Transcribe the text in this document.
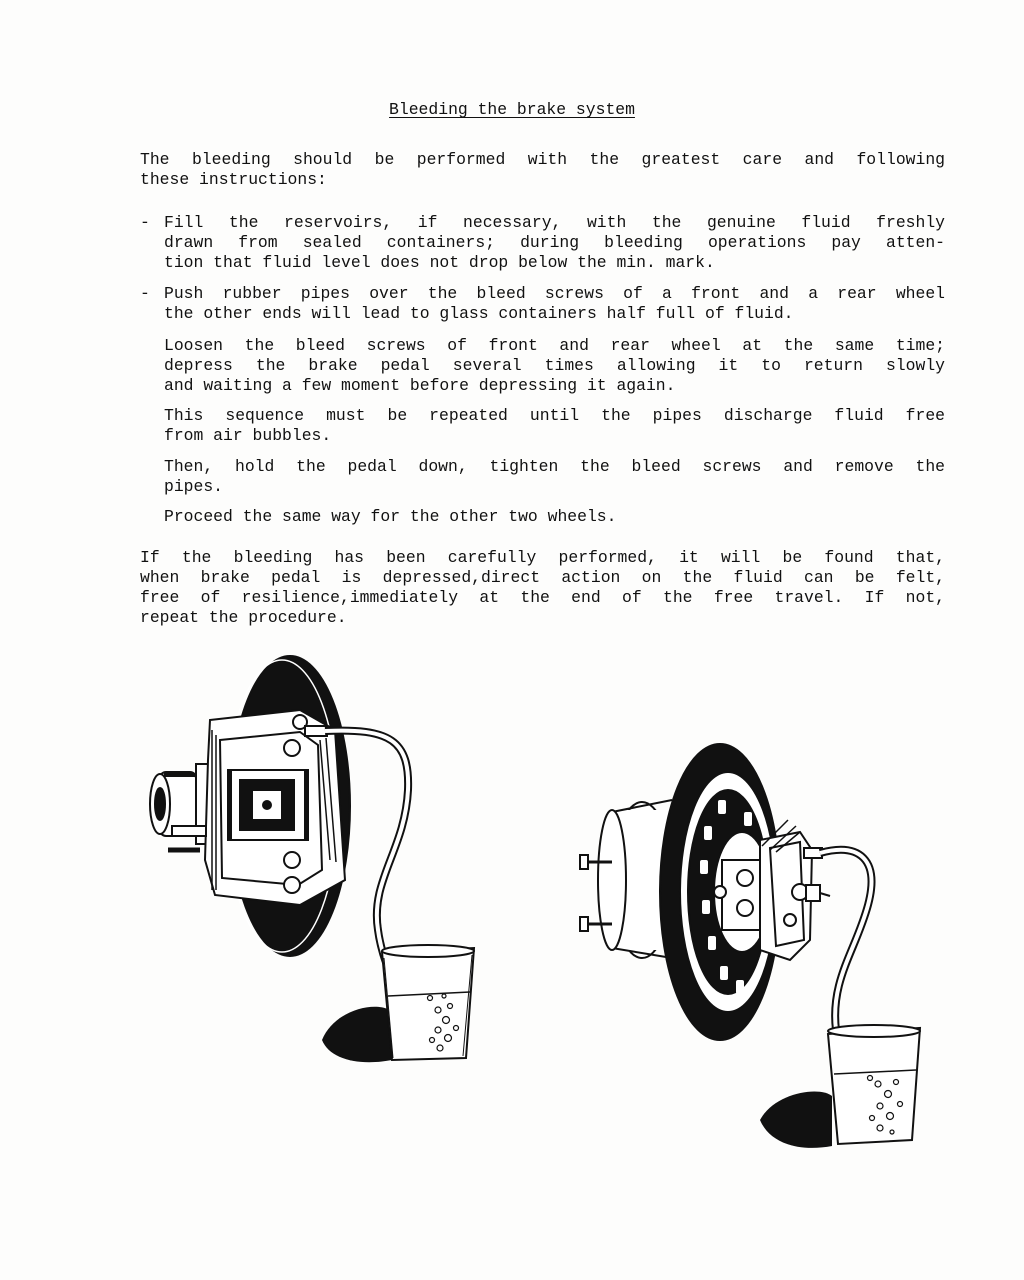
Bleeding the brake system
The bleeding should be performed with the greatest care and following
these instructions:
- Fill the reservoirs, if necessary, with the genuine fluid freshly
drawn from sealed containers; during bleeding operations pay atten-
tion that fluid level does not drop below the min. mark.
- Push rubber pipes over the bleed screws of a front and a rear wheel
the other ends will lead to glass containers half full of fluid.
Loosen the bleed screws of front and rear wheel at the same time;
depress the brake pedal several times allowing it to return slowly
and waiting a few moment before depressing it again.
This sequence must be repeated until the pipes discharge fluid free
from air bubbles.
Then, hold the pedal down, tighten the bleed screws and remove the
pipes.
Proceed the same way for the other two wheels.
If the bleeding has been carefully performed, it will be found that,
when brake pedal is depressed,direct action on the fluid can be felt,
free of resilience,immediately at the end of the free travel. If not,
repeat the procedure.
